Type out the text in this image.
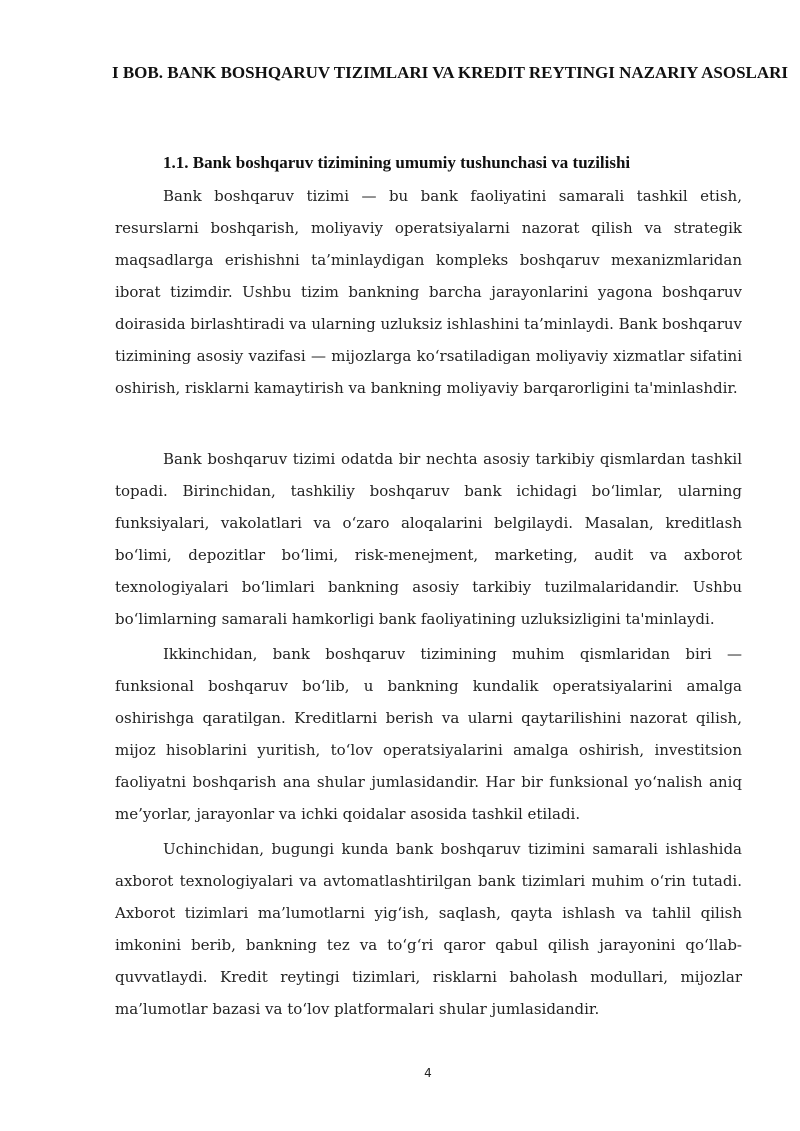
I BOB. BANK BOSHQARUV TIZIMLARI VA KREDIT REYTINGI NAZARIY ASOSLARI
1.1. Bank boshqaruv tizimining umumiy tushunchasi va tuzilishi

Bank boshqaruv tizimi — bu bank faoliyatini samarali tashkil etish, resurslarni boshqarish, moliyaviy operatsiyalarni nazorat qilish va strategik maqsadlarga erishishni ta’minlaydigan kompleks boshqaruv mexanizmlaridan iborat tizimdir. Ushbu tizim bankning barcha jarayonlarini yagona boshqaruv doirasida birlashtiradi va ularning uzluksiz ishlashini ta’minlaydi. Bank boshqaruv tizimining asosiy vazifasi — mijozlarga ko‘rsatiladigan moliyaviy xizmatlar sifatini oshirish, risklarni kamaytirish va bankning moliyaviy barqarorligini ta'minlashdir.

Bank boshqaruv tizimi odatda bir nechta asosiy tarkibiy qismlardan tashkil topadi. Birinchidan, tashkiliy boshqaruv bank ichidagi bo‘limlar, ularning funksiyalari, vakolatlari va o‘zaro aloqalarini belgilaydi. Masalan, kreditlash bo‘limi, depozitlar bo‘limi, risk-menejment, marketing, audit va axborot texnologiyalari bo‘limlari bankning asosiy tarkibiy tuzilmalaridandir. Ushbu bo‘limlarning samarali hamkorligi bank faoliyatining uzluksizligini ta'minlaydi.

Ikkinchidan, bank boshqaruv tizimining muhim qismlaridan biri — funksional boshqaruv bo‘lib, u bankning kundalik operatsiyalarini amalga oshirishga qaratilgan. Kreditlarni berish va ularni qaytarilishini nazorat qilish, mijoz hisoblarini yuritish, to‘lov operatsiyalarini amalga oshirish, investitsion faoliyatni boshqarish ana shular jumlasidandir. Har bir funksional yo‘nalish aniq me’yorlar, jarayonlar va ichki qoidalar asosida tashkil etiladi.

Uchinchidan, bugungi kunda bank boshqaruv tizimini samarali ishlashida axborot texnologiyalari va avtomatlashtirilgan bank tizimlari muhim o‘rin tutadi. Axborot tizimlari ma’lumotlarni yig‘ish, saqlash, qayta ishlash va tahlil qilish imkonini berib, bankning tez va to‘g‘ri qaror qabul qilish jarayonini qo‘llab-quvvatlaydi. Kredit reytingi tizimlari, risklarni baholash modullari, mijozlar ma’lumotlar bazasi va to‘lov platformalari shular jumlasidandir.

4
